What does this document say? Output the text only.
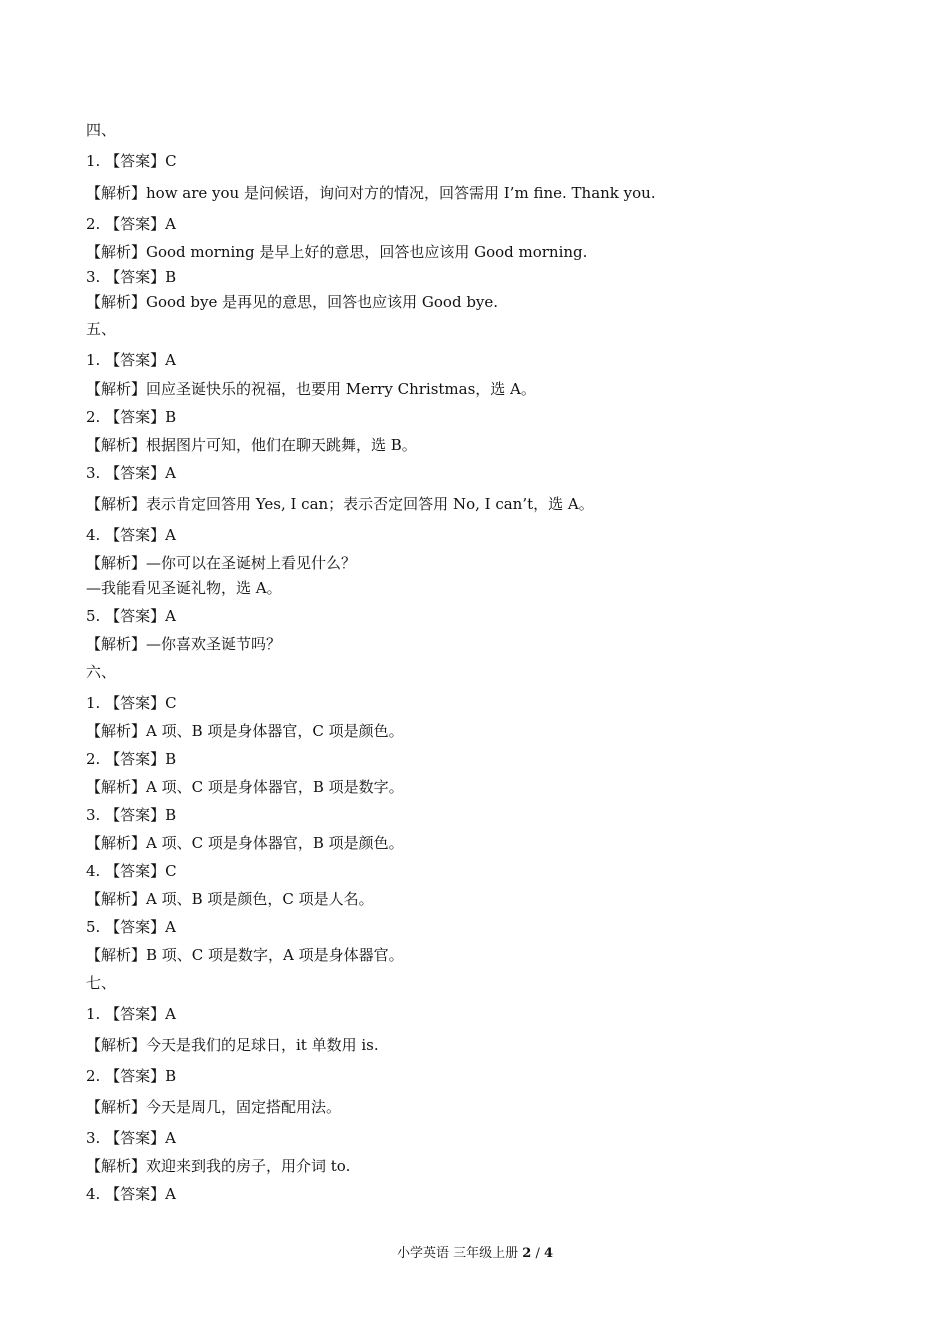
四、
1. 【答案】C
【解析】how are you 是问候语，询问对方的情况，回答需用 I’m fine. Thank you.
2. 【答案】A
【解析】Good morning 是早上好的意思，回答也应该用 Good morning.
3. 【答案】B
【解析】Good bye 是再见的意思，回答也应该用 Good bye.
五、
1. 【答案】A
【解析】回应圣诞快乐的祝福，也要用 Merry Christmas，选 A。
2. 【答案】B
【解析】根据图片可知，他们在聊天跳舞，选 B。
3. 【答案】A
【解析】表示肯定回答用 Yes, I can；表示否定回答用 No, I can’t，选 A。
4. 【答案】A
【解析】—你可以在圣诞树上看见什么？
—我能看见圣诞礼物，选 A。
5. 【答案】A
【解析】—你喜欢圣诞节吗？
六、
1. 【答案】C
【解析】A 项、B 项是身体器官，C 项是颜色。
2. 【答案】B
【解析】A 项、C 项是身体器官，B 项是数字。
3. 【答案】B
【解析】A 项、C 项是身体器官，B 项是颜色。
4. 【答案】C
【解析】A 项、B 项是颜色，C 项是人名。
5. 【答案】A
【解析】B 项、C 项是数字，A 项是身体器官。
七、
1. 【答案】A
【解析】今天是我们的足球日，it 单数用 is.
2. 【答案】B
【解析】今天是周几，固定搭配用法。
3. 【答案】A
【解析】欢迎来到我的房子，用介词 to.
4. 【答案】A
小学英语 三年级上册 2 / 4
